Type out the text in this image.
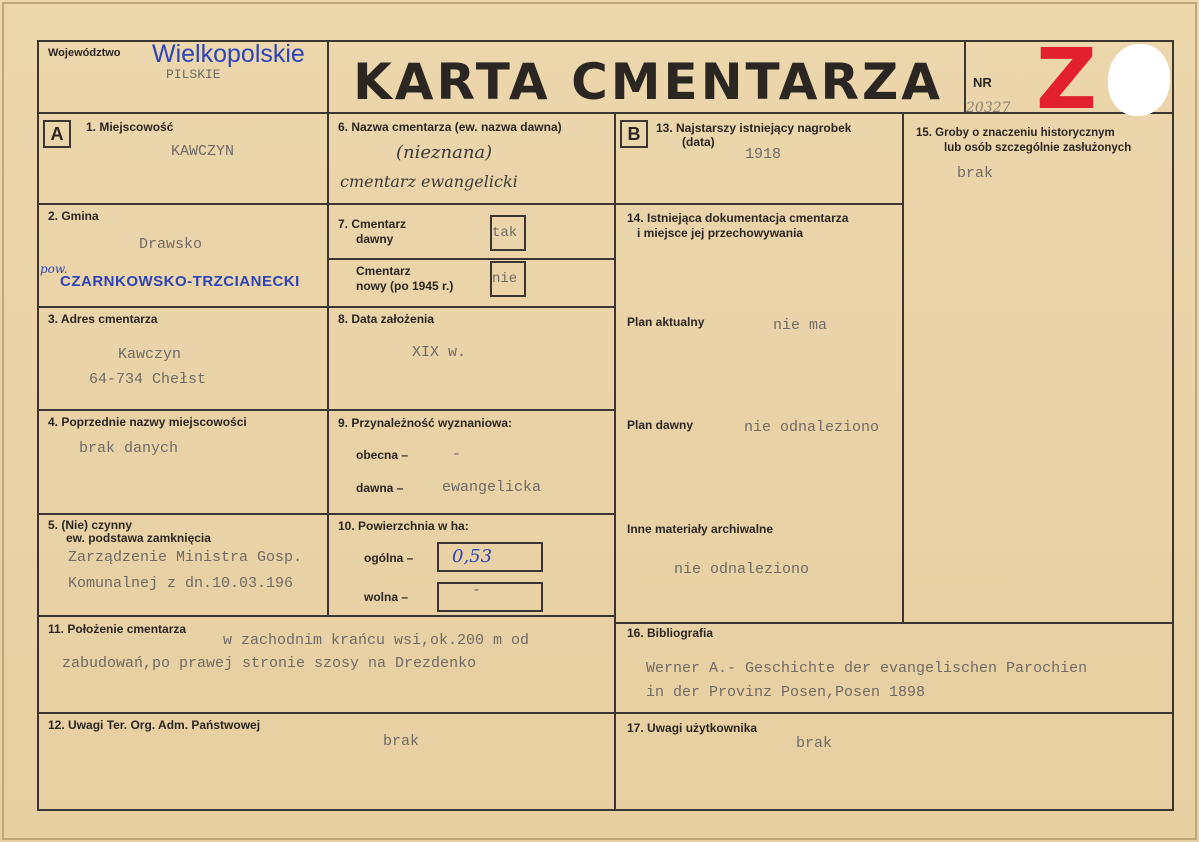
Województwo Wielkopolskie
PILSKIE	KARTA CMENTARZA	NR
20327 Z
A	1. Miejscowość
KAWCZYN
2. Gmina
Drawsko
pow.
CZARNKOWSKO-TRZCIANECKI
3. Adres cmentarza
Kawczyn
64-734 Chełst
4. Poprzednie nazwy miejscowości
brak danych
5. (Nie) czynny
ew. podstawa zamknięcia
Zarządzenie Ministra Gosp.
Komunalnej z dn.10.03.196
11. Położenie cmentarza
w zachodnim krańcu wsi,ok.200 m od
zabudowań,po prawej stronie szosy na Drezdenko
12. Uwagi Ter. Org. Adm. Państwowej
brak
6. Nazwa cmentarza (ew. nazwa dawna)
(nieznana)
cmentarz ewangelicki
7. Cmentarz
dawny	tak
Cmentarz
nowy (po 1945 r.)	nie
8. Data założenia
XIX w.
9. Przynależność wyznaniowa:
obecna –	-
dawna –	ewangelicka
10. Powierzchnia w ha:
ogólna – 0,53
wolna –	-
B	13. Najstarszy istniejący nagrobek
(data)
1918
14. Istniejąca dokumentacja cmentarza
i miejsce jej przechowywania
Plan aktualny	nie ma
Plan dawny	nie odnaleziono
Inne materiały archiwalne
nie odnaleziono
15. Groby o znaczeniu historycznym
lub osób szczególnie zasłużonych
brak
16. Bibliografia
Werner A.- Geschichte der evangelischen Parochien
in der Provinz Posen,Posen 1898
17. Uwagi użytkownika
brak
